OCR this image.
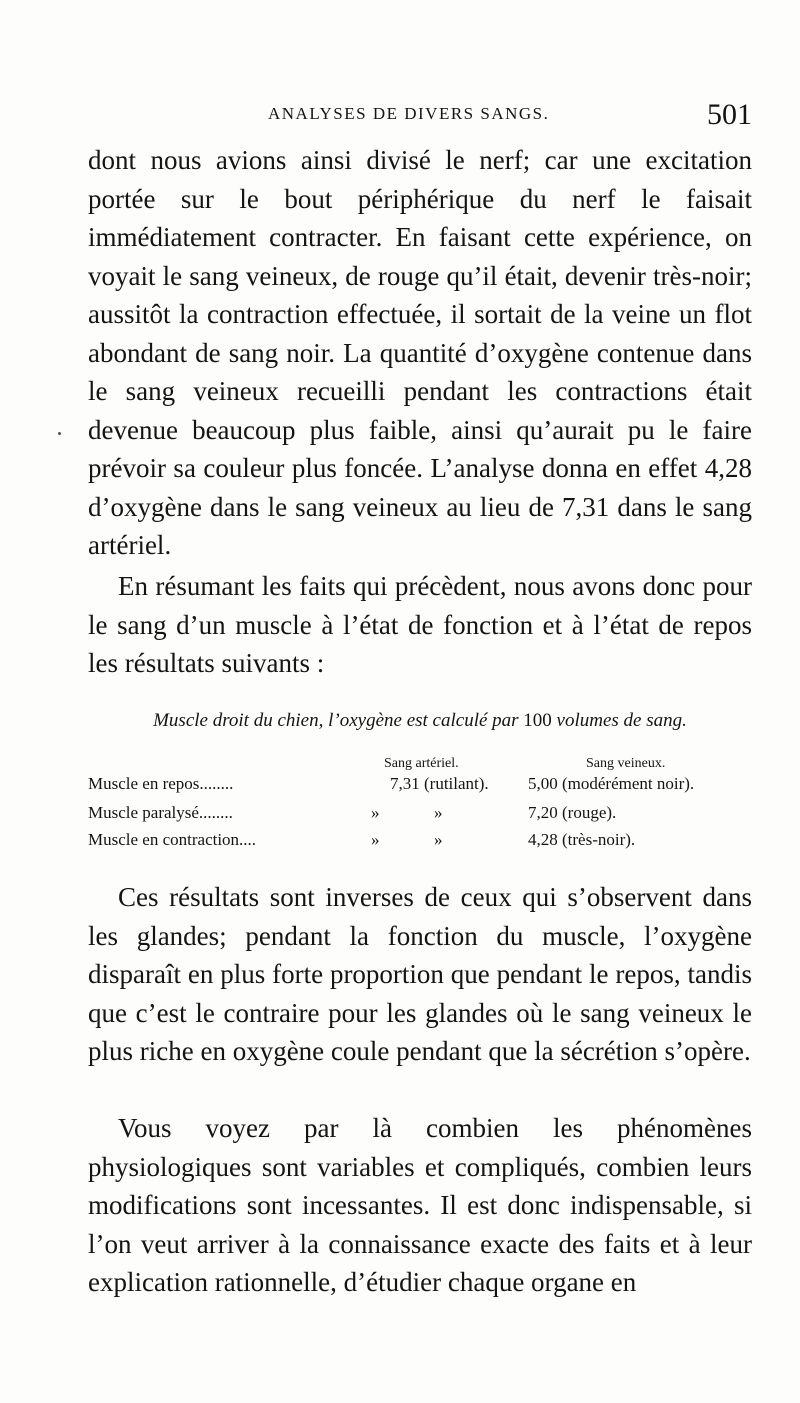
ANALYSES DE DIVERS SANGS.	501

dont nous avions ainsi divisé le nerf; car une excitation portée sur le bout périphérique du nerf le faisait immédiatement contracter. En faisant cette expérience, on voyait le sang veineux, de rouge qu’il était, devenir très-noir; aussitôt la contraction effectuée, il sortait de la veine un flot abondant de sang noir. La quantité d’oxygène contenue dans le sang veineux recueilli pendant les contractions était devenue beaucoup plus faible, ainsi qu’aurait pu le faire prévoir sa couleur plus foncée. L’analyse donna en effet 4,28 d’oxygène dans le sang veineux au lieu de 7,31 dans le sang artériel.

En résumant les faits qui précèdent, nous avons donc pour le sang d’un muscle à l’état de fonction et à l’état de repos les résultats suivants :

Muscle droit du chien, l’oxygène est calculé par 100 volumes de sang.
Sang artériel.	Sang veineux.
Muscle en repos........	7,31 (rutilant). 5,00 (modérément noir).
Muscle paralysé........	»	»	7,20 (rouge).
Muscle en contraction....	»	»	4,28 (très-noir).

Ces résultats sont inverses de ceux qui s’observent dans les glandes; pendant la fonction du muscle, l’oxygène disparaît en plus forte proportion que pendant le repos, tandis que c’est le contraire pour les glandes où le sang veineux le plus riche en oxygène coule pendant que la sécrétion s’opère.

Vous voyez par là combien les phénomènes physiologiques sont variables et compliqués, combien leurs modifications sont incessantes. Il est donc indispensable, si l’on veut arriver à la connaissance exacte des faits et à leur explication rationnelle, d’étudier chaque organe en
